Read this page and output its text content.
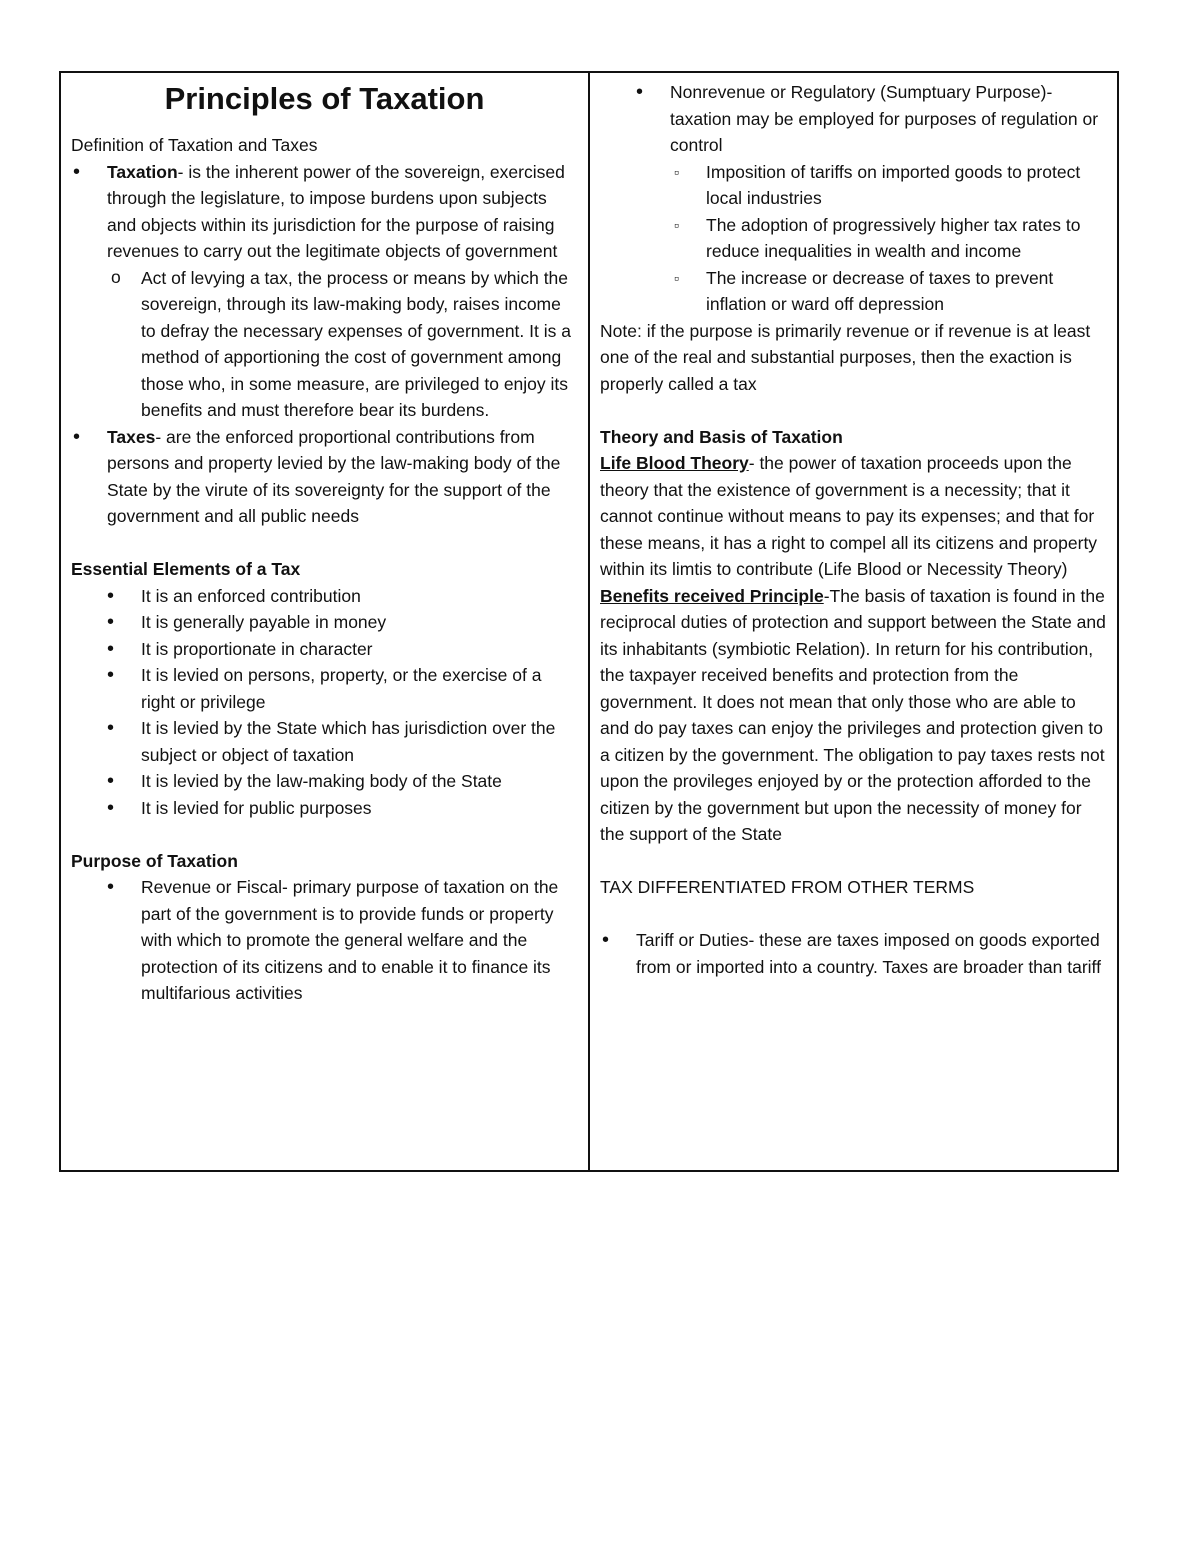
Principles of Taxation

Definition of Taxation and Taxes

• Taxation- is the inherent power of the sovereign, exercised through the legislature, to impose burdens upon subjects and objects within its jurisdiction for the purpose of raising revenues to carry out the legitimate objects of government
o Act of levying a tax, the process or means by which the sovereign, through its law-making body, raises income to defray the necessary expenses of government. It is a method of apportioning the cost of government among those who, in some measure, are privileged to enjoy its benefits and must therefore bear its burdens.
• Taxes- are the enforced proportional contributions from persons and property levied by the law-making body of the State by the virute of its sovereignty for the support of the government and all public needs

Essential Elements of a Tax

• It is an enforced contribution
• It is generally payable in money
• It is proportionate in character
• It is levied on persons, property, or the exercise of a right or privilege
• It is levied by the State which has jurisdiction over the subject or object of taxation
• It is levied by the law-making body of the State
• It is levied for public purposes

Purpose of Taxation

• Revenue or Fiscal- primary purpose of taxation on the part of the government is to provide funds or property with which to promote the general welfare and the protection of its citizens and to enable it to finance its multifarious activities
• Nonrevenue or Regulatory (Sumptuary Purpose)- taxation may be employed for purposes of regulation or control
▫ Imposition of tariffs on imported goods to protect local industries
▫ The adoption of progressively higher tax rates to reduce inequalities in wealth and income
▫ The increase or decrease of taxes to prevent inflation or ward off depression

Note: if the purpose is primarily revenue or if revenue is at least one of the real and substantial purposes, then the exaction is properly called a tax

Theory and Basis of Taxation

Life Blood Theory- the power of taxation proceeds upon the theory that the existence of government is a necessity; that it cannot continue without means to pay its expenses; and that for these means, it has a right to compel all its citizens and property within its limtis to contribute (Life Blood or Necessity Theory)

Benefits received Principle-The basis of taxation is found in the reciprocal duties of protection and support between the State and its inhabitants (symbiotic Relation). In return for his contribution, the taxpayer received benefits and protection from the government. It does not mean that only those who are able to and do pay taxes can enjoy the privileges and protection given to a citizen by the government. The obligation to pay taxes rests not upon the provileges enjoyed by or the protection afforded to the citizen by the government but upon the necessity of money for the support of the State

TAX DIFFERENTIATED FROM OTHER TERMS

• Tariff or Duties- these are taxes imposed on goods exported from or imported into a country. Taxes are broader than tariff
